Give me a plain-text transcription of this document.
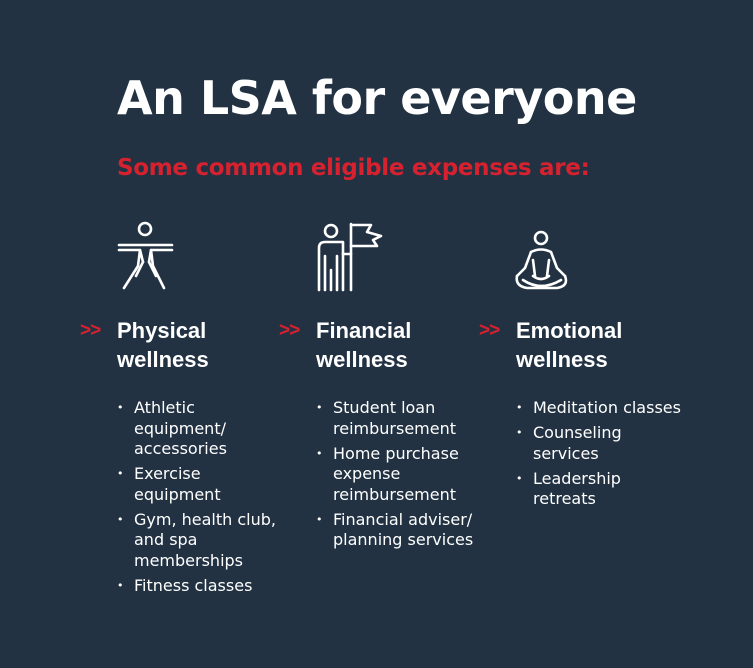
An LSA for everyone
Some common eligible expenses are:
>> Physical
wellness
• Athletic equipment/ accessories
• Exercise equipment
• Gym, health club, and spa memberships
• Fitness classes
>> Financial
wellness
• Student loan reimbursement
• Home purchase expense reimbursement
• Financial adviser/ planning services
>> Emotional
wellness
• Meditation classes
• Counseling services
• Leadership retreats
